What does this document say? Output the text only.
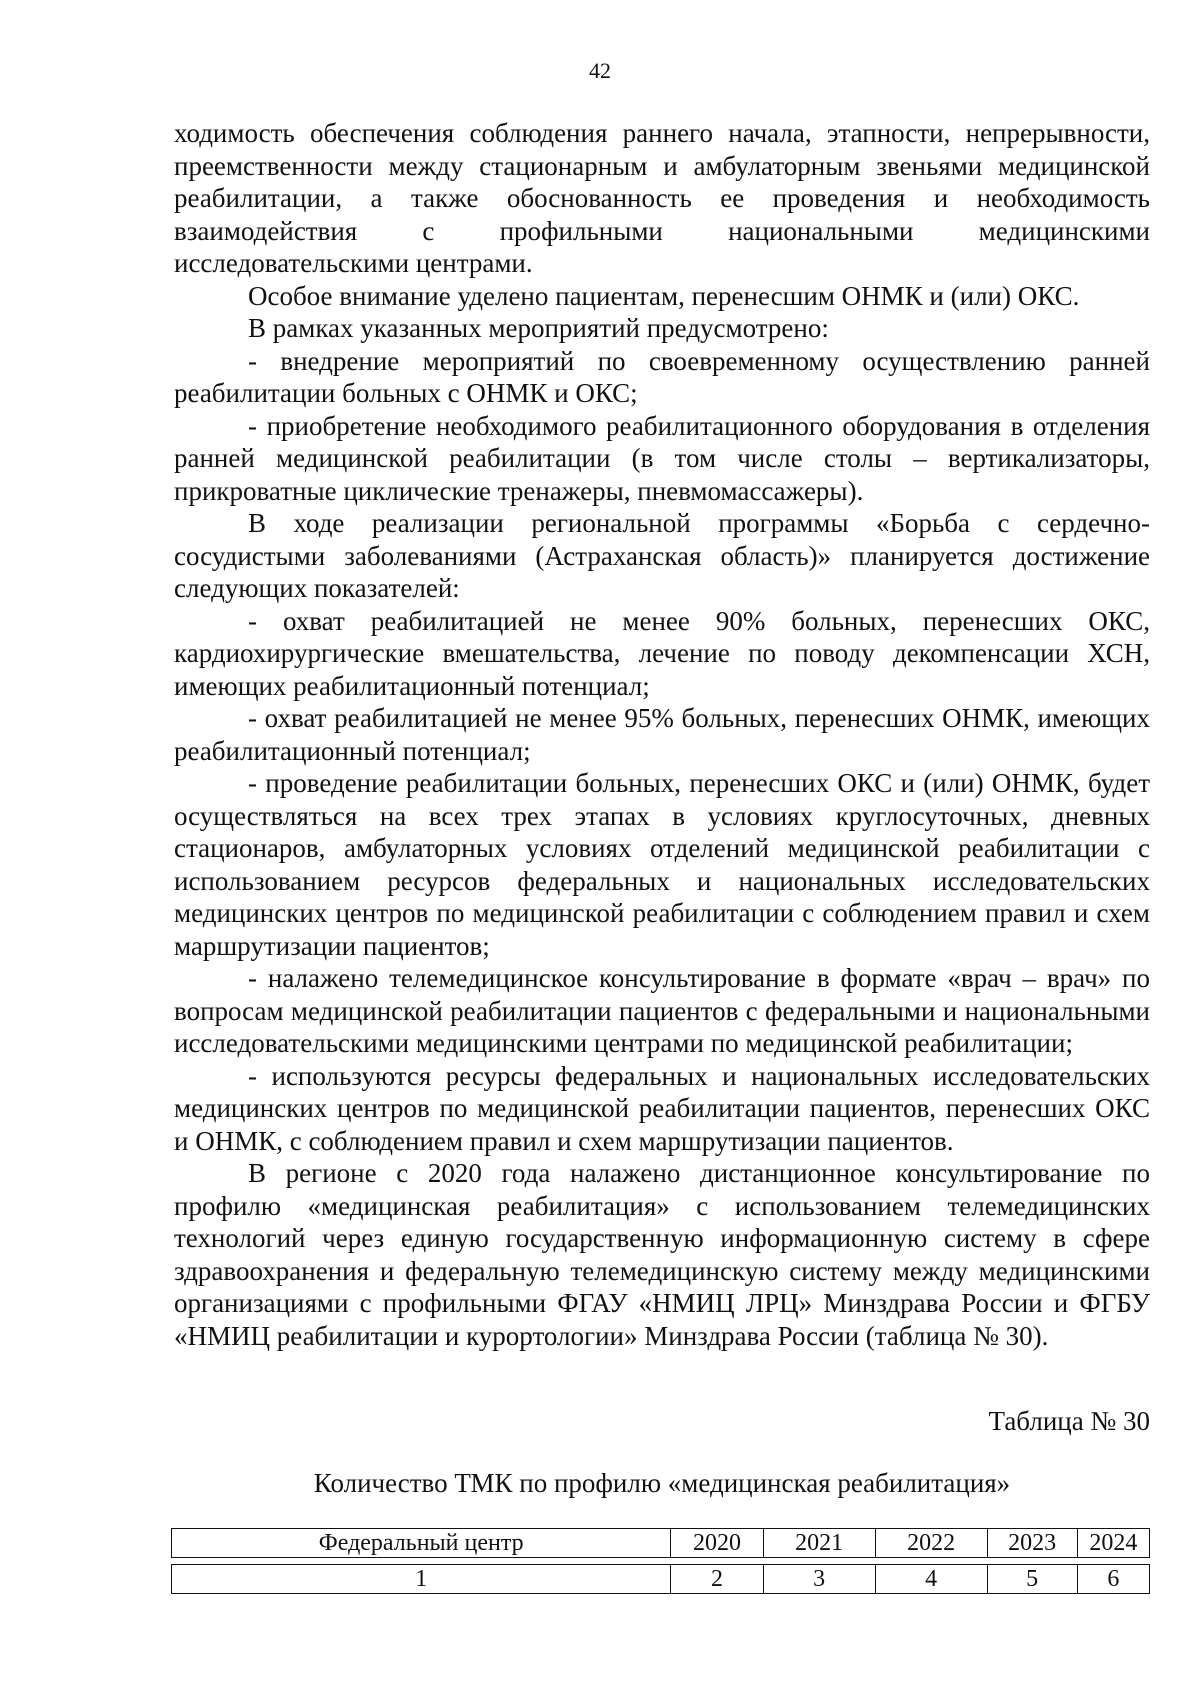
42

ходимость обеспечения соблюдения раннего начала, этапности, непрерывности, преемственности между стационарным и амбулаторным звеньями медицинской реабилитации, а также обоснованность ее проведения и необходимость взаимодействия с профильными национальными медицинскими исследовательскими центрами.

Особое внимание уделено пациентам, перенесшим ОНМК и (или) ОКС.

В рамках указанных мероприятий предусмотрено:

- внедрение мероприятий по своевременному осуществлению ранней реабилитации больных с ОНМК и ОКС;

- приобретение необходимого реабилитационного оборудования в отделения ранней медицинской реабилитации (в том числе столы – вертикализаторы, прикроватные циклические тренажеры, пневмомассажеры).

В ходе реализации региональной программы «Борьба с сердечно-сосудистыми заболеваниями (Астраханская область)» планируется достижение следующих показателей:

- охват реабилитацией не менее 90% больных, перенесших ОКС, кардиохирургические вмешательства, лечение по поводу декомпенсации ХСН, имеющих реабилитационный потенциал;

- охват реабилитацией не менее 95% больных, перенесших ОНМК, имеющих реабилитационный потенциал;

- проведение реабилитации больных, перенесших ОКС и (или) ОНМК, будет осуществляться на всех трех этапах в условиях круглосуточных, дневных стационаров, амбулаторных условиях отделений медицинской реабилитации с использованием ресурсов федеральных и национальных исследовательских медицинских центров по медицинской реабилитации с соблюдением правил и схем маршрутизации пациентов;

- налажено телемедицинское консультирование в формате «врач – врач» по вопросам медицинской реабилитации пациентов с федеральными и национальными исследовательскими медицинскими центрами по медицинской реабилитации;

- используются ресурсы федеральных и национальных исследовательских медицинских центров по медицинской реабилитации пациентов, перенесших ОКС и ОНМК, с соблюдением правил и схем маршрутизации пациентов.

В регионе с 2020 года налажено дистанционное консультирование по профилю «медицинская реабилитация» с использованием телемедицинских технологий через единую государственную информационную систему в сфере здравоохранения и федеральную телемедицинскую систему между медицинскими организациями с профильными ФГАУ «НМИЦ ЛРЦ» Минздрава России и ФГБУ «НМИЦ реабилитации и курортологии» Минздрава России (таблица № 30).

Таблица № 30
Количество ТМК по профилю «медицинская реабилитация»
Федеральный центр	2020	2021	2022	2023	2024
1	2	3	4	5	6
